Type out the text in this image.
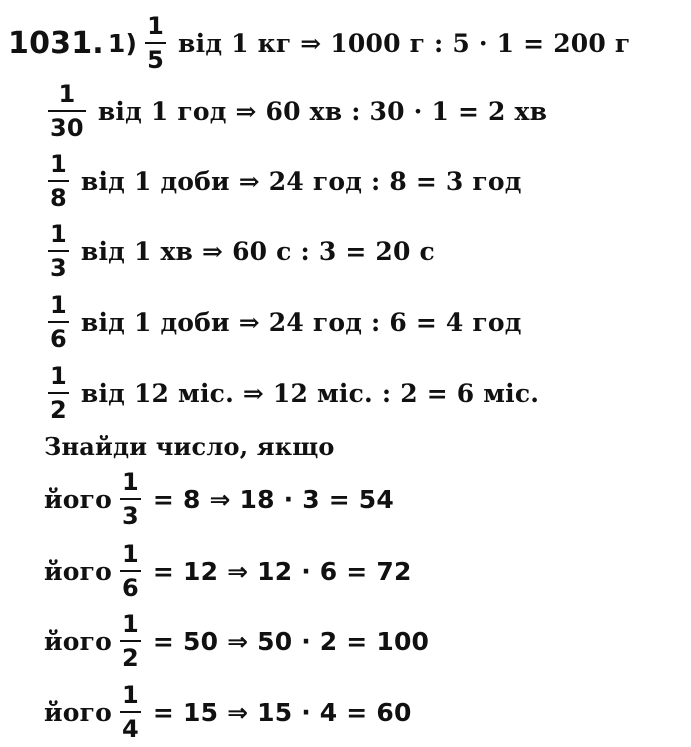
1031. $1) \frac{1}{5}$ від 1 кг ⇒ 1000 г : 5 · 1 = 200 г
$\frac{1}{30}$ від 1 год ⇒ 60 хв : 30 · 1 = 2 хв
$\frac{1}{8}$ від 1 доби ⇒ 24 год : 8 = 3 год
$\frac{1}{3}$ від 1 хв ⇒ 60 с : 3 = 20 с
$\frac{1}{6}$ від 1 доби ⇒ 24 год : 6 = 4 год
$\frac{1}{2}$ від 12 міс. ⇒ 12 міс. : 2 = 6 міс.
Знайди число, якщо
його $\frac{1}{3} = 8$ ⇒ 18 · 3 = 54
його $\frac{1}{6} = 12$ ⇒ 12 · 6 = 72
його $\frac{1}{2} = 50$ ⇒ 50 · 2 = 100
його $\frac{1}{4} = 15$ ⇒ 15 · 4 = 60
